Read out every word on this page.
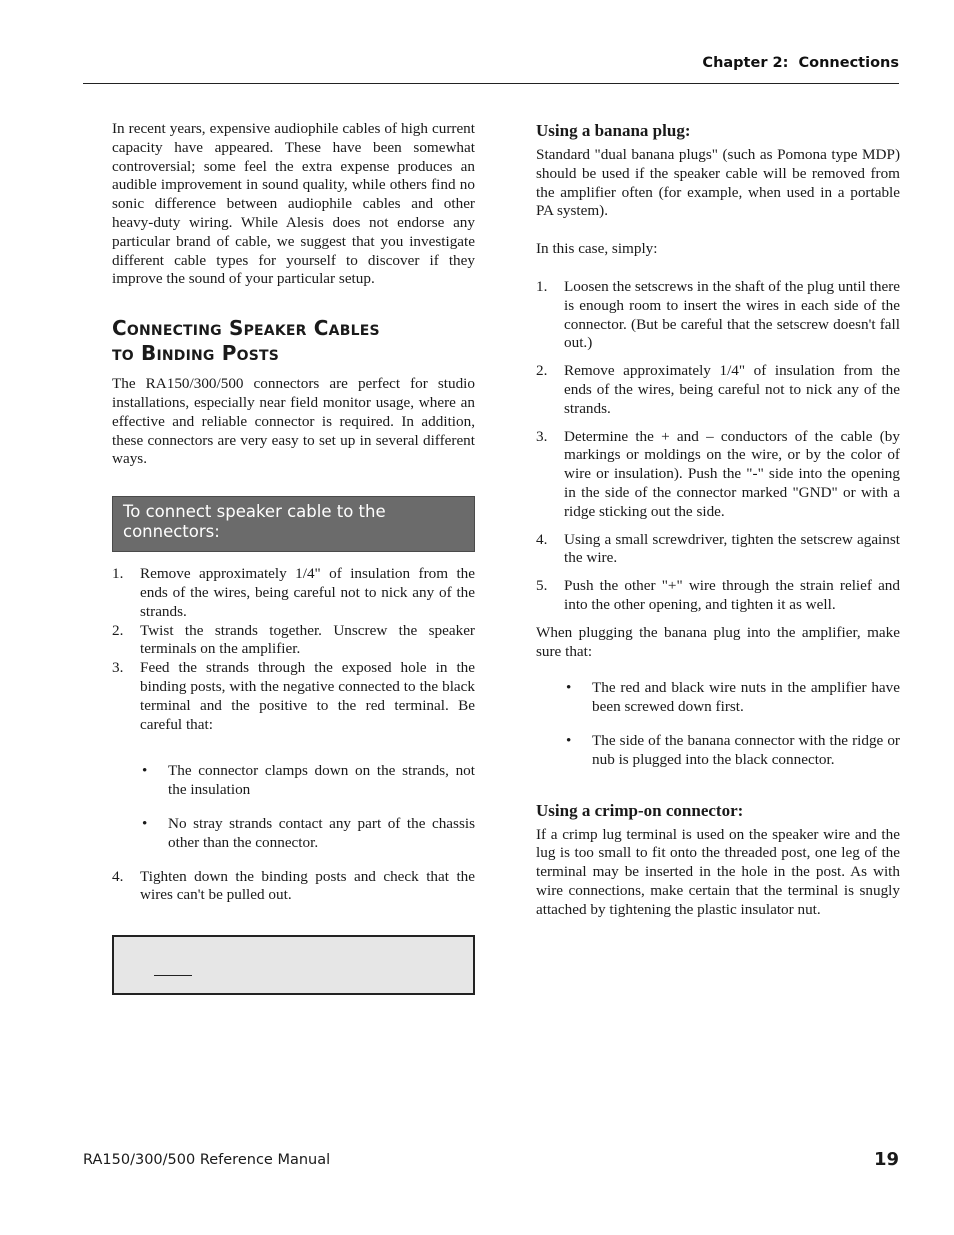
Chapter 2:  Connections

In recent years, expensive audiophile cables of high current capacity have appeared. These have been somewhat controversial; some feel the extra expense produces an audible improvement in sound quality, while others find no sonic difference between audiophile cables and other heavy-duty wiring. While Alesis does not endorse any particular brand of cable, we suggest that you investigate different cable types for yourself to discover if they improve the sound of your particular setup.

Connecting Speaker Cables
to Binding Posts

The RA150/300/500 connectors are perfect for studio installations, especially near field monitor usage, where an effective and reliable connector is required. In addition, these connectors are very easy to set up in several different ways.

To connect speaker cable to the connectors:
1. Remove approximately 1/4" of insulation from the ends of the wires, being careful not to nick any of the strands.
2. Twist the strands together. Unscrew the speaker terminals on the amplifier.
3. Feed the strands through the exposed hole in the binding posts, with the negative connected to the black terminal and the positive to the red terminal. Be careful that:
• The connector clamps down on the strands, not the insulation
• No stray strands contact any part of the chassis other than the connector.
4. Tighten down the binding posts and check that the wires can't be pulled out.
Using a banana plug:

Standard "dual banana plugs" (such as Pomona type MDP) should be used if the speaker cable will be removed from the amplifier often (for example, when used in a portable PA system).

In this case, simply:

1. Loosen the setscrews in the shaft of the plug until there is enough room to insert the wires in each side of the connector. (But be careful that the setscrew doesn't fall out.)
2. Remove approximately 1/4" of insulation from the ends of the wires, being careful not to nick any of the strands.
3. Determine the + and – conductors of the cable (by markings or moldings on the wire, or by the color of wire or insulation). Push the "-" side into the opening in the side of the connector marked "GND" or with a ridge sticking out the side.
4. Using a small screwdriver, tighten the setscrew against the wire.
5. Push the other "+" wire through the strain relief and into the other opening, and tighten it as well.

When plugging the banana plug into the amplifier, make sure that:

• The red and black wire nuts in the amplifier have been screwed down first.
• The side of the banana connector with the ridge or nub is plugged into the black connector.
Using a crimp-on connector:

If a crimp lug terminal is used on the speaker wire and the lug is too small to fit onto the threaded post, one leg of the terminal may be inserted in the hole in the post. As with wire connections, make certain that the terminal is snugly attached by tightening the plastic insulator nut.

RA150/300/500 Reference Manual	19
